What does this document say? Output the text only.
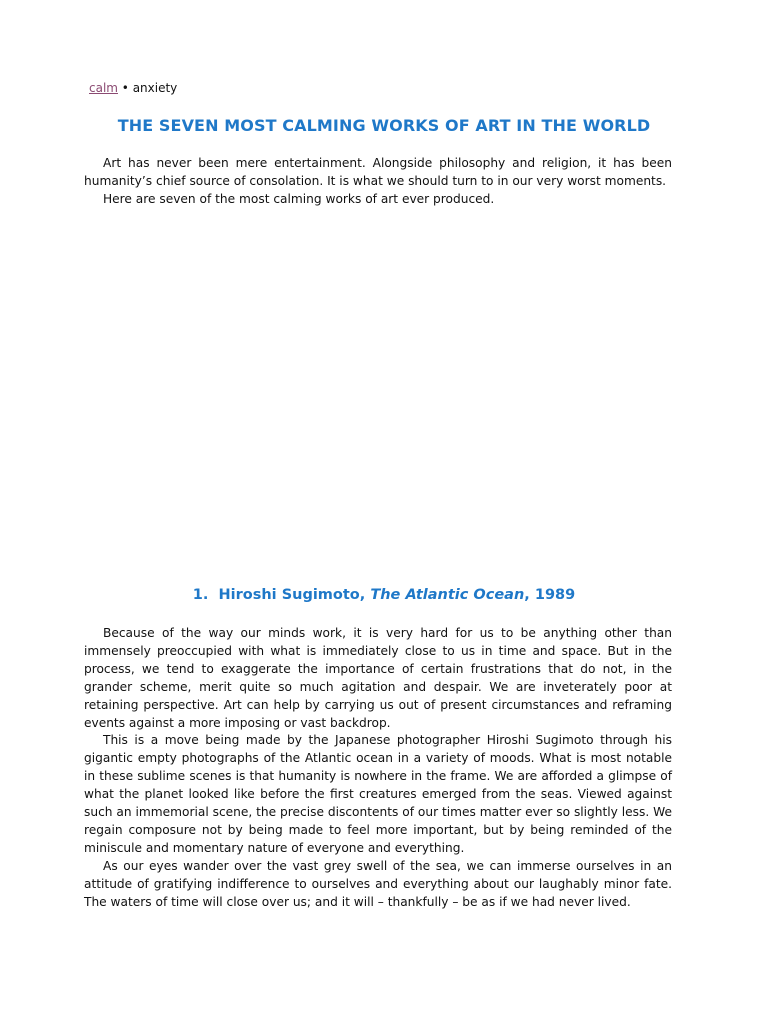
calm • anxiety
THE SEVEN MOST CALMING WORKS OF ART IN THE WORLD

Art has never been mere entertainment. Alongside philosophy and religion, it has been humanity’s chief source of consolation. It is what we should turn to in our very worst moments.

Here are seven of the most calming works of art ever produced.

1. Hiroshi Sugimoto, The Atlantic Ocean, 1989

Because of the way our minds work, it is very hard for us to be anything other than immensely preoccupied with what is immediately close to us in time and space. But in the process, we tend to exaggerate the importance of certain frustrations that do not, in the grander scheme, merit quite so much agitation and despair. We are inveterately poor at retaining perspective. Art can help by carrying us out of present circumstances and reframing events against a more imposing or vast backdrop.

This is a move being made by the Japanese photographer Hiroshi Sugimoto through his gigantic empty photographs of the Atlantic ocean in a variety of moods. What is most notable in these sublime scenes is that humanity is nowhere in the frame. We are afforded a glimpse of what the planet looked like before the first creatures emerged from the seas. Viewed against such an immemorial scene, the precise discontents of our times matter ever so slightly less. We regain composure not by being made to feel more important, but by being reminded of the miniscule and momentary nature of everyone and everything.

As our eyes wander over the vast grey swell of the sea, we can immerse ourselves in an attitude of gratifying indifference to ourselves and everything about our laughably minor fate. The waters of time will close over us; and it will – thankfully – be as if we had never lived.
